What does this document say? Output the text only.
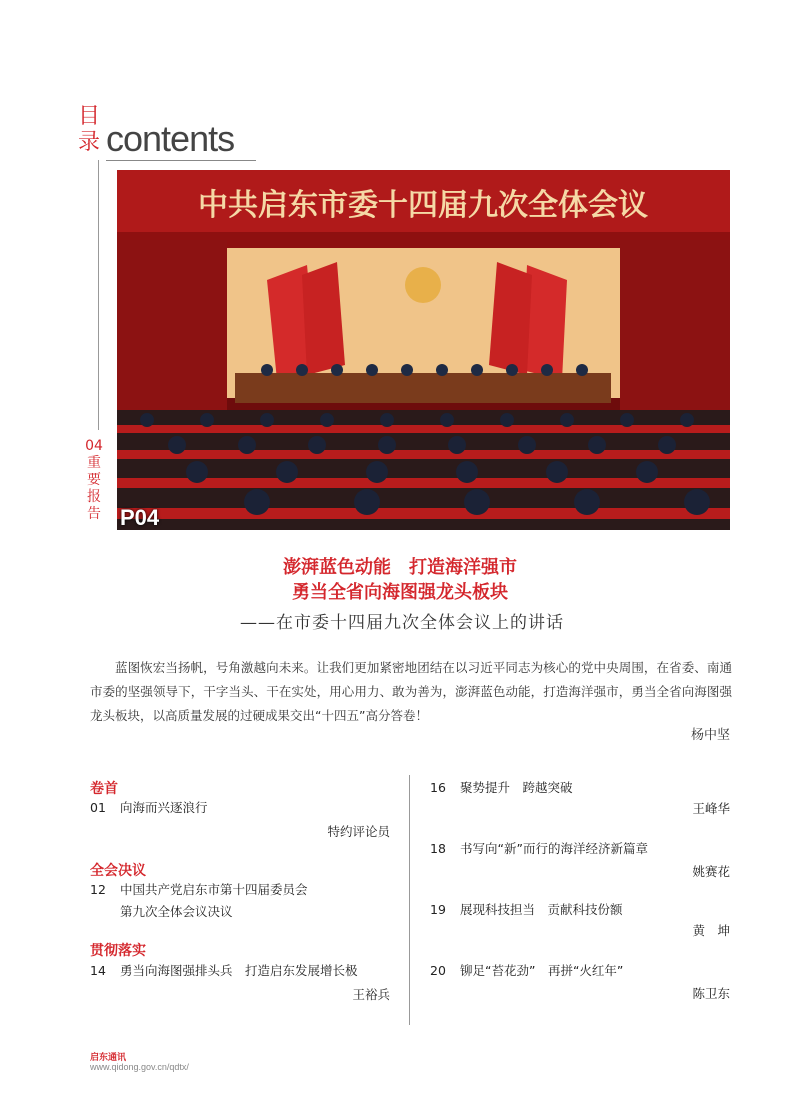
目录 contents
04重要报告
中共启东市委十四届九次全体会议
P04
澎湃蓝色动能　打造海洋强市
勇当全省向海图强龙头板块
——在市委十四届九次全体会议上的讲话
蓝图恢宏当扬帆，号角激越向未来。让我们更加紧密地团结在以习近平同志为核心的党中央周围，在省委、南通市委的坚强领导下，干字当头、干在实处，用心用力、敢为善为，澎湃蓝色动能，打造海洋强市，勇当全省向海图强龙头板块，以高质量发展的过硬成果交出“十四五”高分答卷！
杨中坚
卷首
01 向海而兴逐浪行
特约评论员
全会决议
12 中国共产党启东市第十四届委员会
第九次全体会议决议
贯彻落实
14 勇当向海图强排头兵　打造启东发展增长极
王裕兵
16 聚势提升　跨越突破
王峰华
18 书写向“新”而行的海洋经济新篇章
姚赛花
19 展现科技担当　贡献科技份额
黄　坤
20 铆足“苔花劲”　再拼“火红年”
陈卫东
启东通讯
www.qidong.gov.cn/qdtx/
